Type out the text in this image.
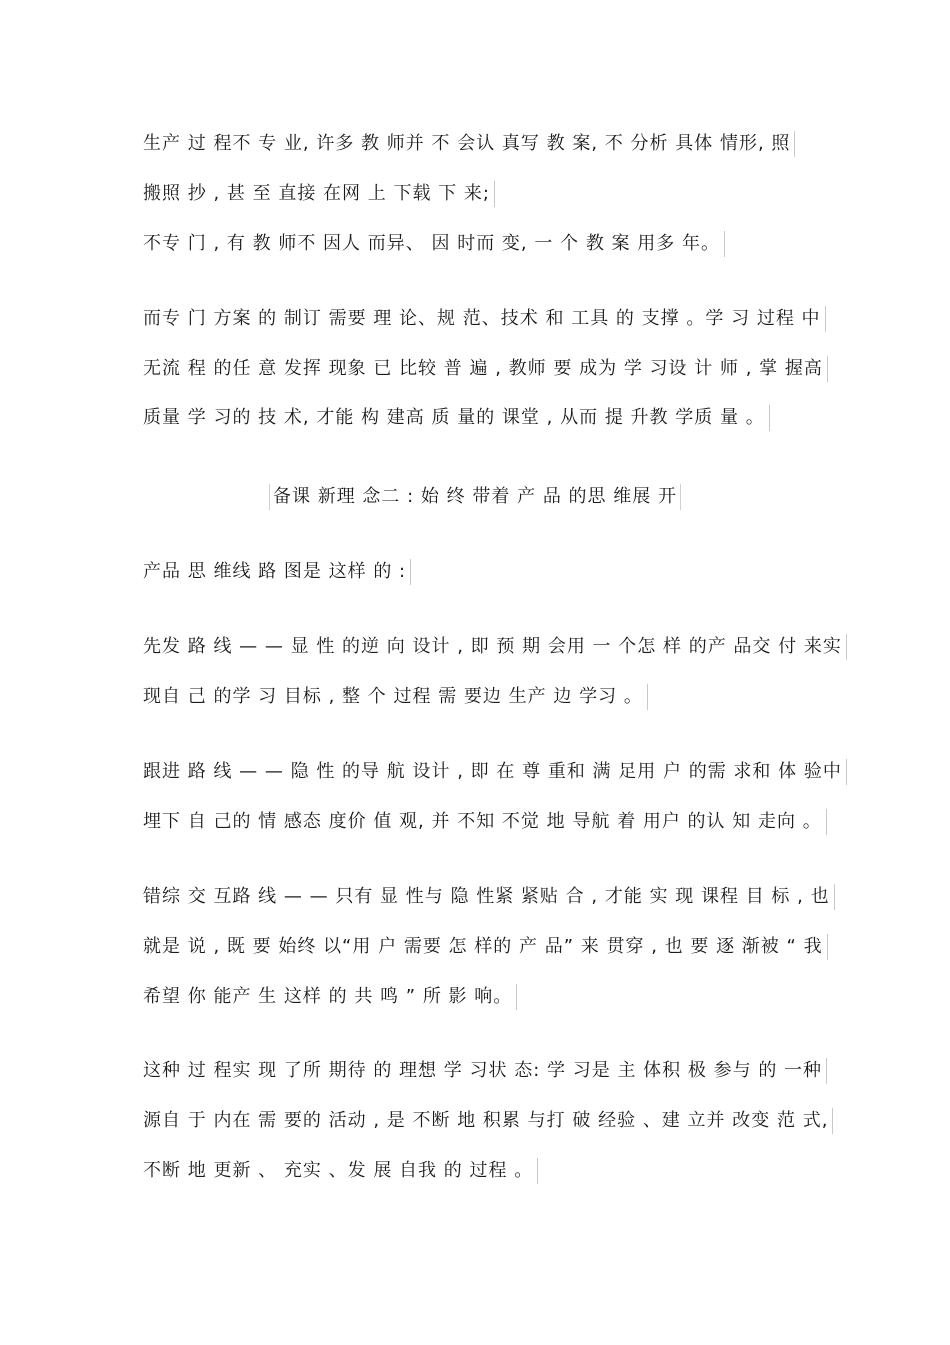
生产 过 程不 专 业, 许多 教 师并 不 会认 真写 教 案, 不 分析 具体 情形, 照
搬照 抄 , 甚 至 直接 在网 上 下载 下 来;
不专 门 , 有 教 师不 因人 而异、 因 时而 变, 一 个 教 案 用多 年。
而专 门 方案 的 制订 需要 理 论、规 范、技术 和 工具 的 支撑 。学 习 过程 中
无流 程 的任 意 发挥 现象 已 比较 普 遍 , 教师 要 成为 学 习设 计 师 , 掌 握高
质量 学 习的 技 术, 才能 构 建高 质 量的 课堂 , 从而 提 升教 学质 量 。
备课 新理 念二 : 始 终 带着 产 品 的思 维展 开
产品 思 维线 路 图是 这样 的 :
先发 路 线 — — 显 性 的逆 向 设计 , 即 预 期 会用 一 个怎 样 的产 品交 付 来实
现自 己 的学 习 目标 , 整 个 过程 需 要边 生产 边 学习 。
跟进 路 线 — — 隐 性 的导 航 设计 , 即 在 尊 重和 满 足用 户 的需 求和 体 验中
埋下 自 己的 情 感态 度价 值 观, 并 不知 不觉 地 导航 着 用户 的认 知 走向 。
错综 交 互路 线 — — 只有 显 性与 隐 性紧 紧贴 合 , 才能 实 现 课程 目 标 , 也
就是 说 , 既 要 始终 以“用 户 需要 怎 样的 产 品” 来 贯穿 , 也 要 逐 渐被 “ 我
希望 你 能产 生 这样 的 共 鸣 ” 所 影 响。
这种 过 程实 现 了所 期待 的 理想 学 习状 态: 学 习是 主 体积 极 参与 的 一种
源自 于 内在 需 要的 活动 , 是 不断 地 积累 与打 破 经验 、建 立并 改变 范 式,
不断 地 更新 、 充实 、发 展 自我 的 过程 。
